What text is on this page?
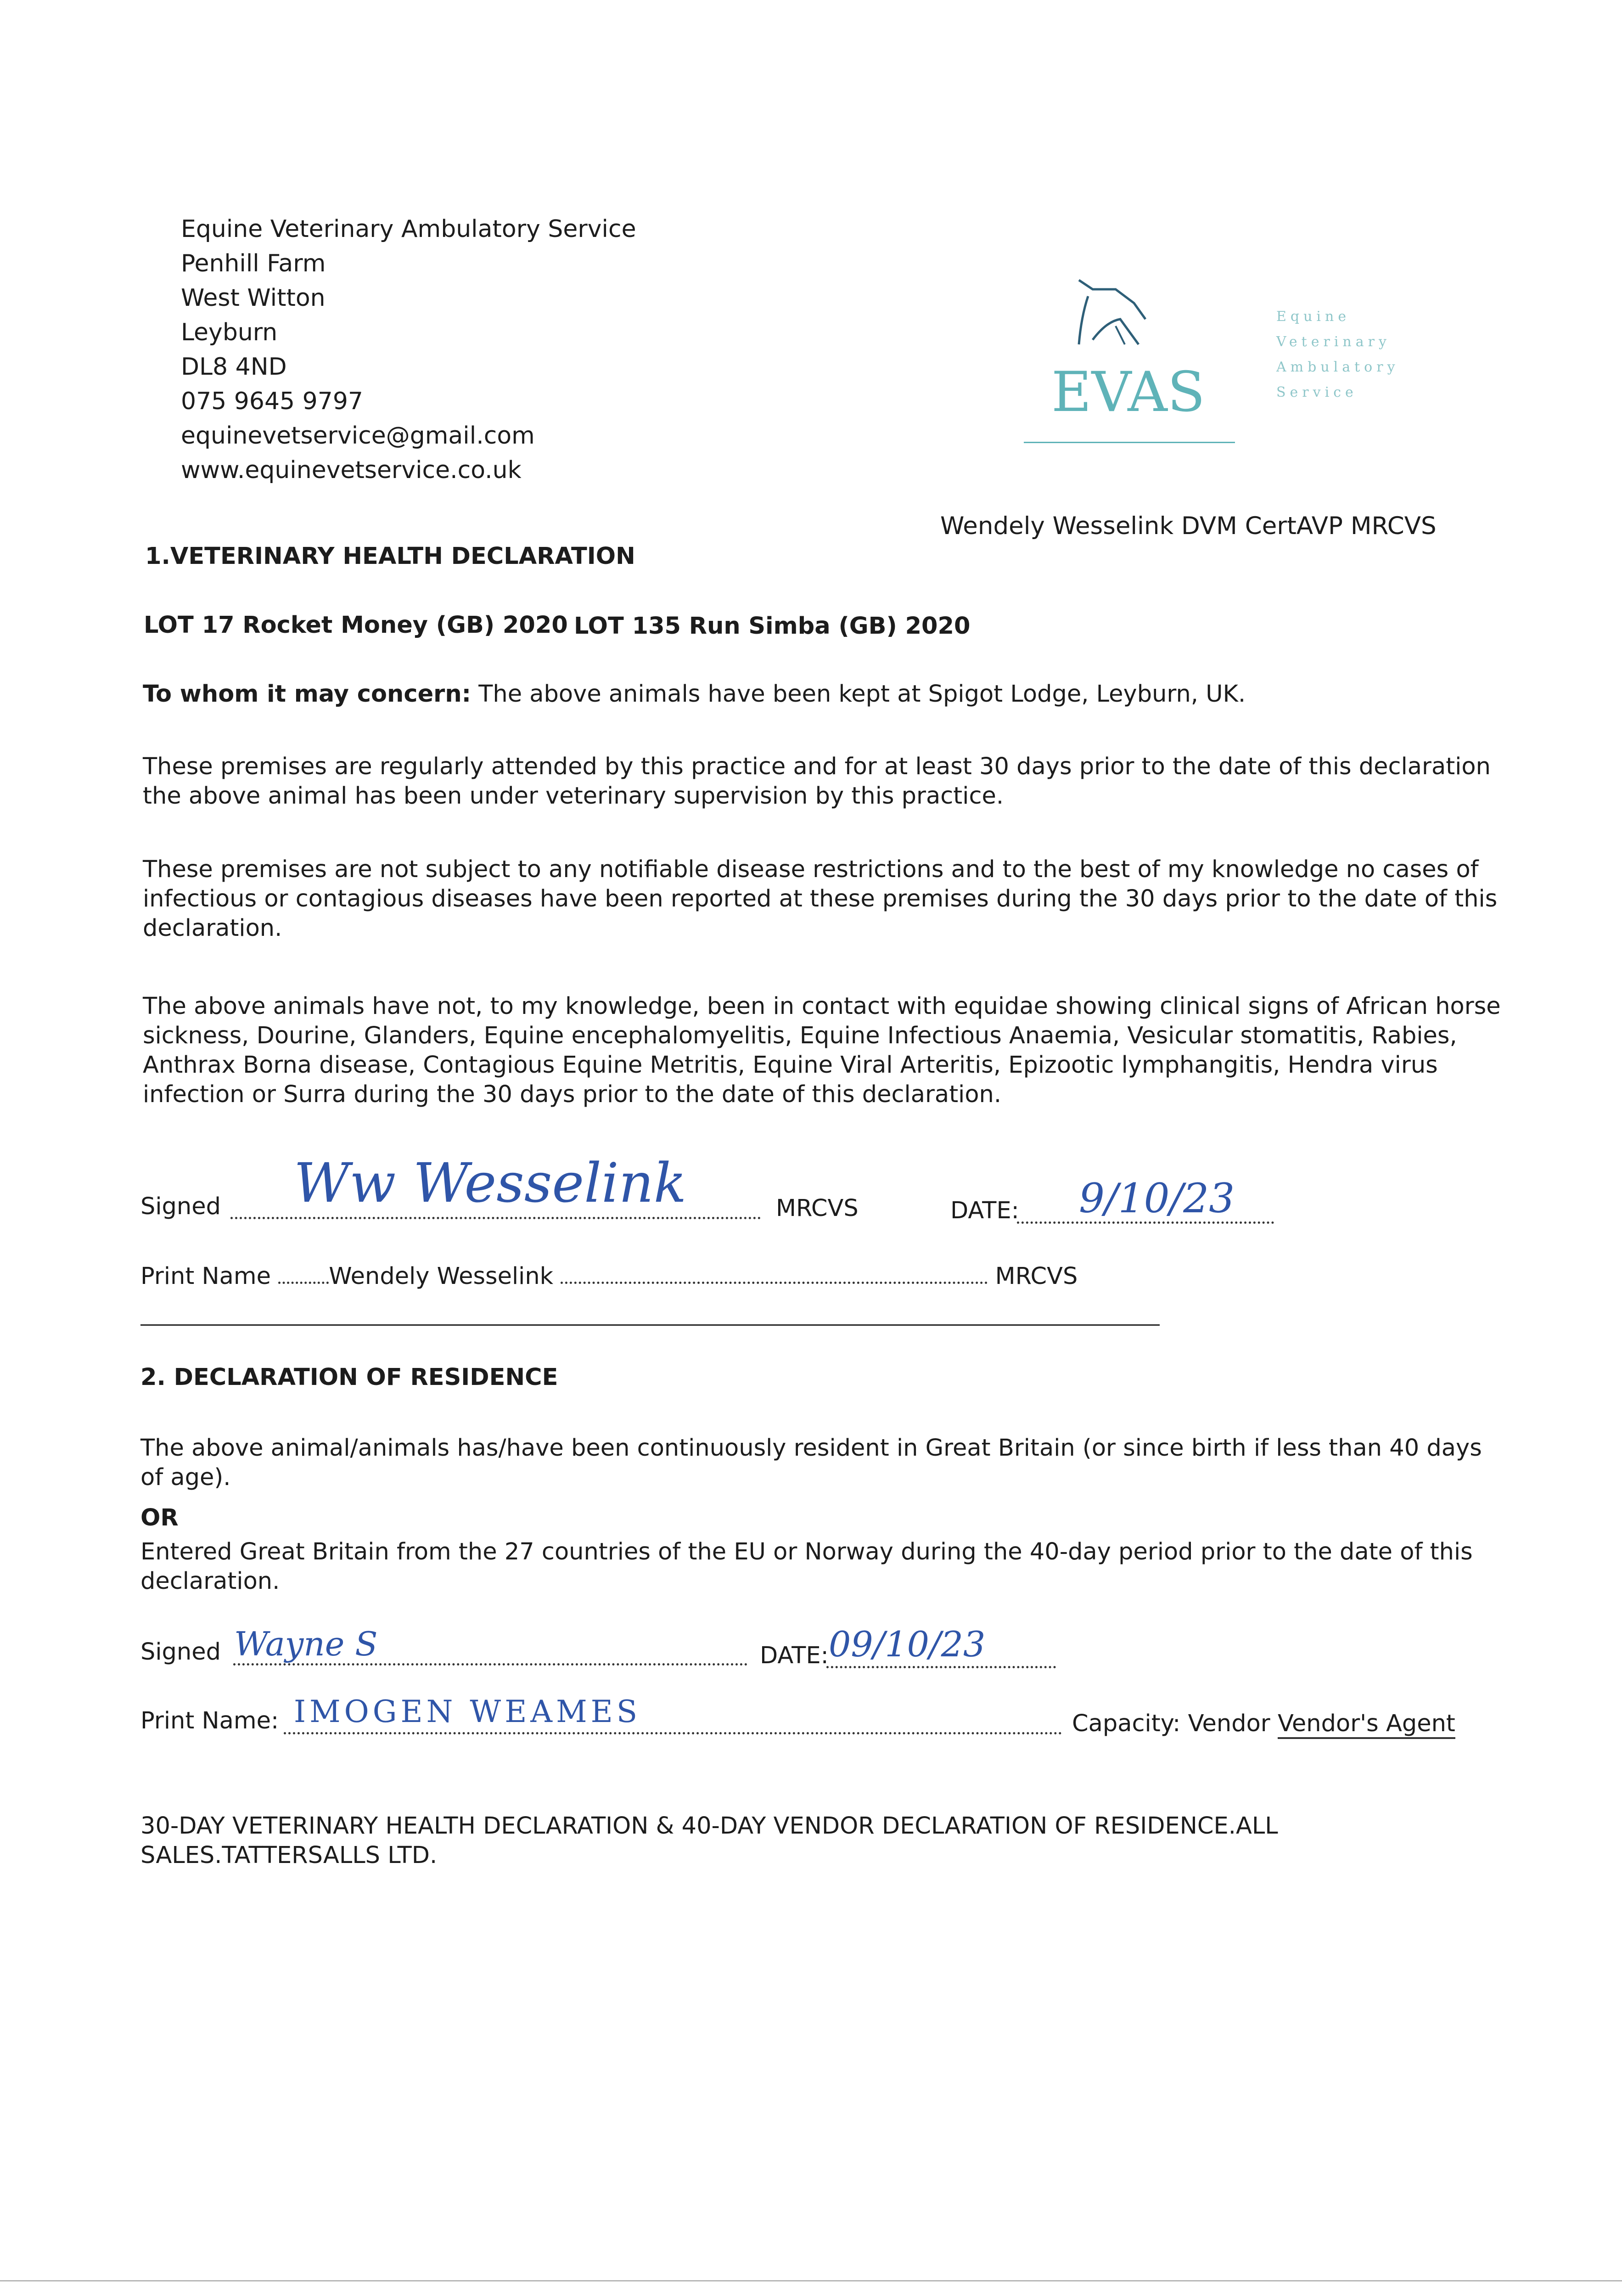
Equine Veterinary Ambulatory Service
Penhill Farm
West Witton
Leyburn
DL8 4ND
075 9645 9797
equinevetservice@gmail.com
www.equinevetservice.co.uk
EVAS
Equine
Veterinary
Ambulatory
Service
Wendely Wesselink DVM CertAVP MRCVS
1.VETERINARY HEALTH DECLARATION
LOT 17 Rocket Money (GB) 2020 LOT 135 Run Simba (GB) 2020
To whom it may concern: The above animals have been kept at Spigot Lodge, Leyburn, UK.
These premises are regularly attended by this practice and for at least 30 days prior to the date of this declaration the above animal has been under veterinary supervision by this practice.
These premises are not subject to any notifiable disease restrictions and to the best of my knowledge no cases of infectious or contagious diseases have been reported at these premises during the 30 days prior to the date of this declaration.
The above animals have not, to my knowledge, been in contact with equidae showing clinical signs of African horse sickness, Dourine, Glanders, Equine encephalomyelitis, Equine Infectious Anaemia, Vesicular stomatitis, Rabies, Anthrax Borna disease, Contagious Equine Metritis, Equine Viral Arteritis, Epizootic lymphangitis, Hendra virus infection or Surra during the 30 days prior to the date of this declaration.
Signed Ww Wesselink	MRCVS	DATE: 9/10/23
Print Name Wendely Wesselink	MRCVS
2. DECLARATION OF RESIDENCE
The above animal/animals has/have been continuously resident in Great Britain (or since birth if less than 40 days of age).
OR
Entered Great Britain from the 27 countries of the EU or Norway during the 40-day period prior to the date of this declaration.
Signed Wayne S	DATE: 09/10/23
Print Name: IMOGEN WEAMES	Capacity: Vendor Vendor's Agent
30-DAY VETERINARY HEALTH DECLARATION & 40-DAY VENDOR DECLARATION OF RESIDENCE.ALL SALES.TATTERSALLS LTD.
